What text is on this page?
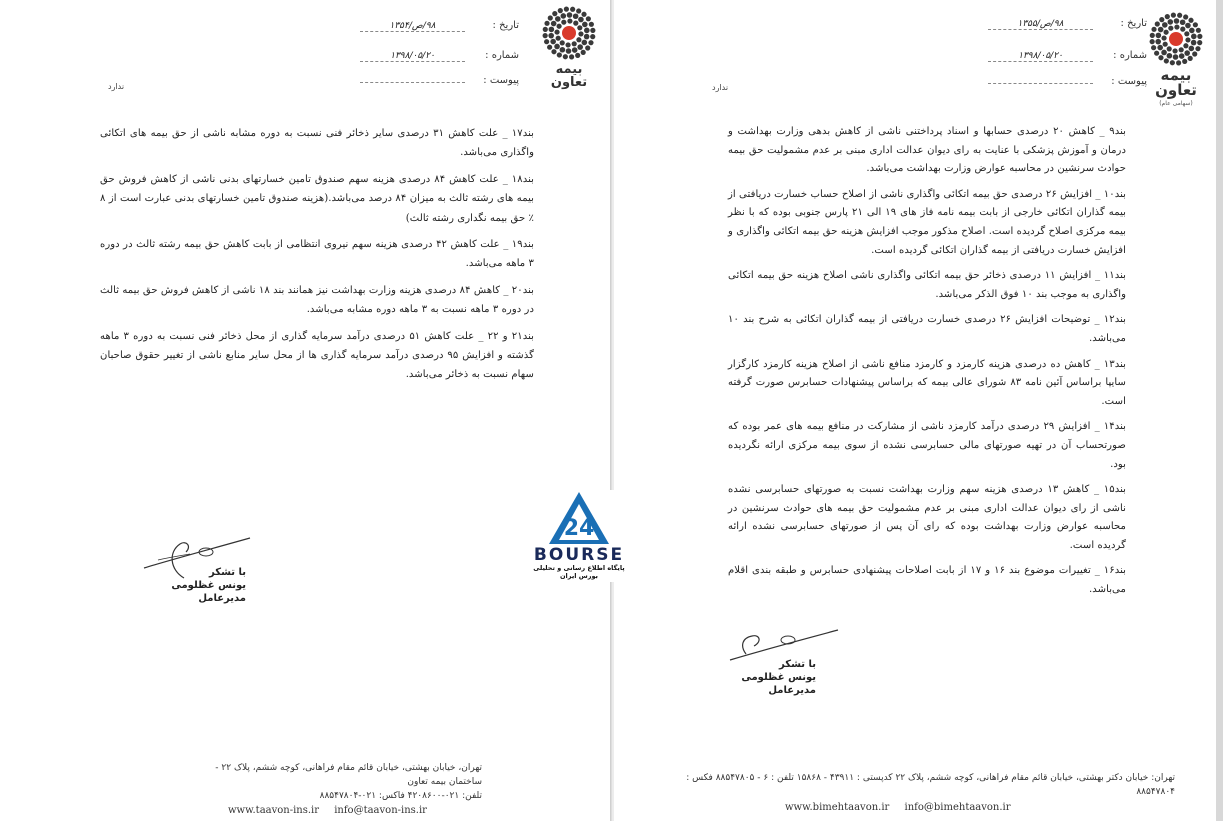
بیمه تعاون
تاریخ :۹۸/ص/۱۳۵۴
شماره :۱۳۹۸/۰۵/۲۰
پیوست :
ندارد

بند۱۷ _ علت کاهش ۳۱ درصدی سایر ذخائر فنی نسبت به دوره مشابه ناشی از حق بیمه های اتکائی واگذاری می‌باشد.

بند۱۸ _ علت کاهش ۸۴ درصدی هزینه سهم صندوق تامین خسارتهای بدنی ناشی از کاهش فروش حق بیمه های رشته ثالث به میزان ۸۴ درصد می‌باشد.(هزینه صندوق تامین خسارتهای بدنی عبارت است از ۸ ٪ حق بیمه نگداری رشته ثالث)

بند۱۹ _ علت کاهش ۴۲ درصدی هزینه سهم نیروی انتظامی از بابت کاهش حق بیمه رشته ثالث در دوره ۳ ماهه می‌باشد.

بند۲۰ _ کاهش ۸۴ درصدی هزینه وزارت بهداشت نیز همانند بند ۱۸ ناشی از کاهش فروش حق بیمه ثالث در دوره ۳ ماهه نسبت به ۳ ماهه دوره مشابه می‌باشد.

بند۲۱ و ۲۲ _ علت کاهش ۵۱ درصدی درآمد سرمایه گذاری از محل ذخائر فنی نسبت به دوره ۳ ماهه گذشته و افزایش ۹۵ درصدی درآمد سرمایه گذاری ها از محل سایر منابع ناشی از تغییر حقوق صاحبان سهام نسبت به ذخائر می‌باشد.

با تشکر
یونس غظلومی
مدیرعامل
تهران، خیابان بهشتی، خیابان قائم مقام فراهانی، کوچه ششم، پلاک ۲۲ - ساختمان بیمه تعاون
تلفن: ۰۲۱-۴۲۰۸۶۰۰ فاکس: ۰۲۱-۸۸۵۴۷۸۰۴
www.taavon-ins.ir info@taavon-ins.ir
بیمه تعاون
(سهامی عام)
تاریخ :۹۸/ص/۱۳۵۵
شماره :۱۳۹۸/۰۵/۲۰
پیوست :
ندارد

بند۹ _ کاهش ۲۰ درصدی حسابها و اسناد پرداختنی ناشی از کاهش بدهی وزارت بهداشت و درمان و آموزش پزشکی با عنایت به رای دیوان عدالت اداری مبنی بر عدم مشمولیت حق بیمه حوادث سرنشین در محاسبه عوارض وزارت بهداشت می‌باشد.

بند۱۰ _ افزایش ۲۶ درصدی حق بیمه اتکائی واگذاری ناشی از اصلاح حساب خسارت دریافتی از بیمه گذاران اتکائی خارجی از بابت بیمه نامه فاز های ۱۹ الی ۲۱ پارس جنوبی بوده که با نظر بیمه مرکزی اصلاح گردیده است. اصلاح مذکور موجب افزایش هزینه حق بیمه اتکائی واگذاری و افزایش خسارت دریافتی از بیمه گذاران اتکائی گردیده است.

بند۱۱ _ افزایش ۱۱ درصدی ذخائر حق بیمه اتکائی واگذاری ناشی اصلاح هزینه حق بیمه اتکائی واگذاری به موجب بند ۱۰ فوق الذکر می‌باشد.

بند۱۲ _ توضیحات افزایش ۲۶ درصدی خسارت دریافتی از بیمه گذاران اتکائی به شرح بند ۱۰ می‌باشد.

بند۱۳ _ کاهش ده درصدی هزینه کارمزد و کارمزد منافع ناشی از اصلاح هزینه کارمزد کارگزار سایپا براساس آئین نامه ۸۳ شورای عالی بیمه که براساس پیشنهادات حسابرس صورت گرفته است.

بند۱۴ _ افزایش ۲۹ درصدی درآمد کارمزد ناشی از مشارکت در منافع بیمه های عمر بوده که صورتحساب آن در تهیه صورتهای مالی حسابرسی نشده از سوی بیمه مرکزی ارائه نگردیده بود.

بند۱۵ _ کاهش ۱۳ درصدی هزینه سهم وزارت بهداشت نسبت به صورتهای حسابرسی نشده ناشی از رای دیوان عدالت اداری مبنی بر عدم مشمولیت حق بیمه های حوادث سرنشین در محاسبه عوارض وزارت بهداشت بوده که رای آن پس از صورتهای حسابرسی نشده ارائه گردیده است.

بند۱۶ _ تغییرات موضوع بند ۱۶ و ۱۷ از بابت اصلاحات پیشنهادی حسابرس و طبقه بندی اقلام می‌باشد.

با تشکر
یونس غظلومی
مدیرعامل
تهران: خیابان دکتر بهشتی، خیابان قائم مقام فراهانی، کوچه ششم، پلاک ۲۲ کدپستی : ۴۳۹۱۱ - ۱۵۸۶۸ تلفن : ۶ - ۸۸۵۴۷۸۰۵ فکس : ۸۸۵۴۷۸۰۴
www.bimehtaavon.ir info@bimehtaavon.ir
24
BOURSE
پایگاه اطلاع رسانی و تحلیلی بورس ایران
